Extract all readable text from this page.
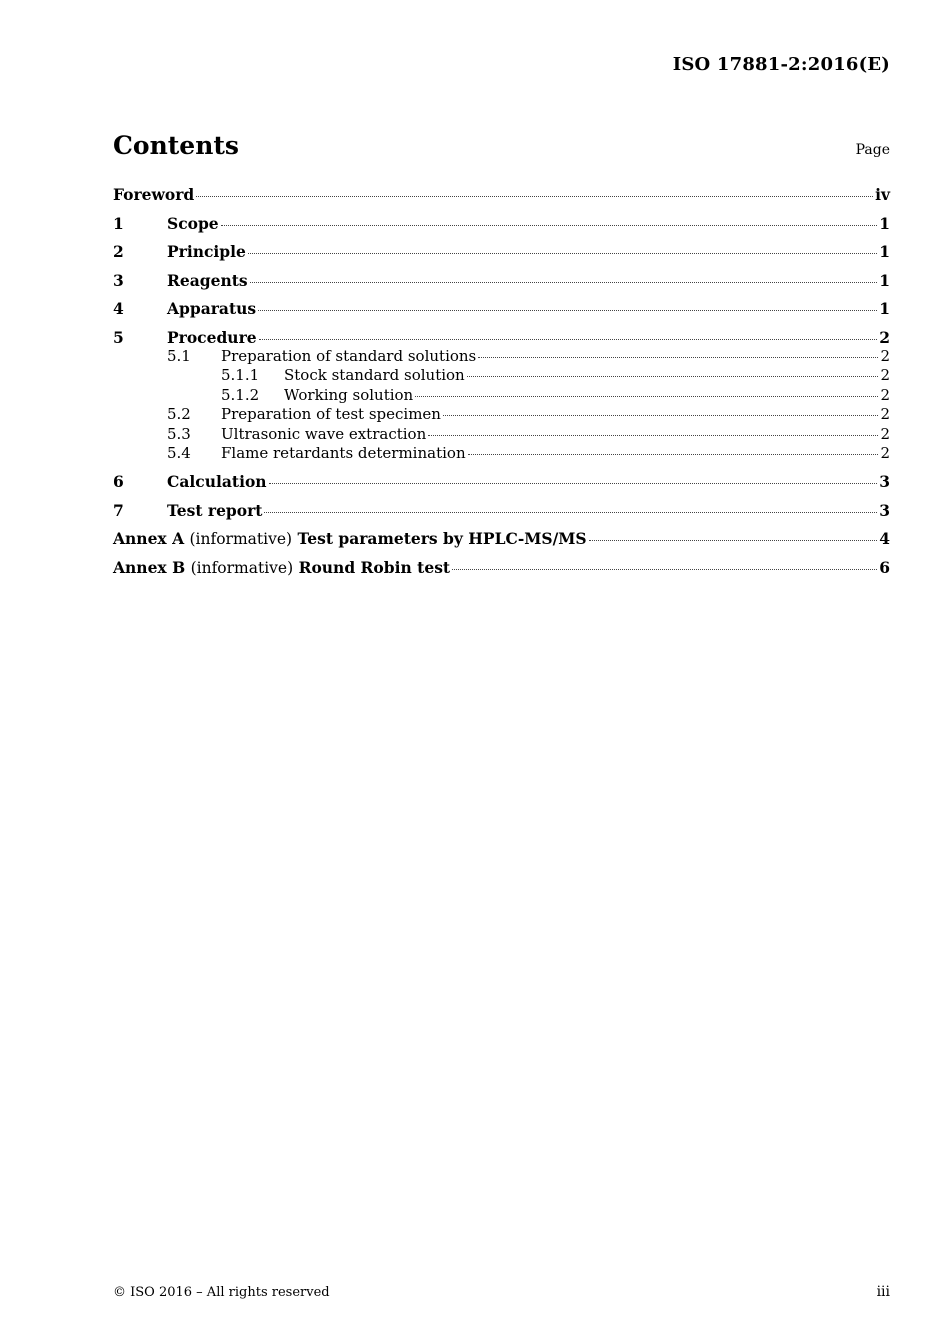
ISO 17881-2:2016(E)
Contents	Page
Foreword	iv
1	Scope	1
2	Principle	1
3	Reagents	1
4	Apparatus	1
5	Procedure	2
5.1	Preparation of standard solutions	2
5.1.1	Stock standard solution	2
5.1.2	Working solution	2
5.2	Preparation of test specimen	2
5.3	Ultrasonic wave extraction	2
5.4	Flame retardants determination	2
6	Calculation	3
7	Test report	3
Annex A (informative) Test parameters by HPLC-MS/MS	4
Annex B (informative) Round Robin test	6
© ISO 2016 – All rights reserved	iii
